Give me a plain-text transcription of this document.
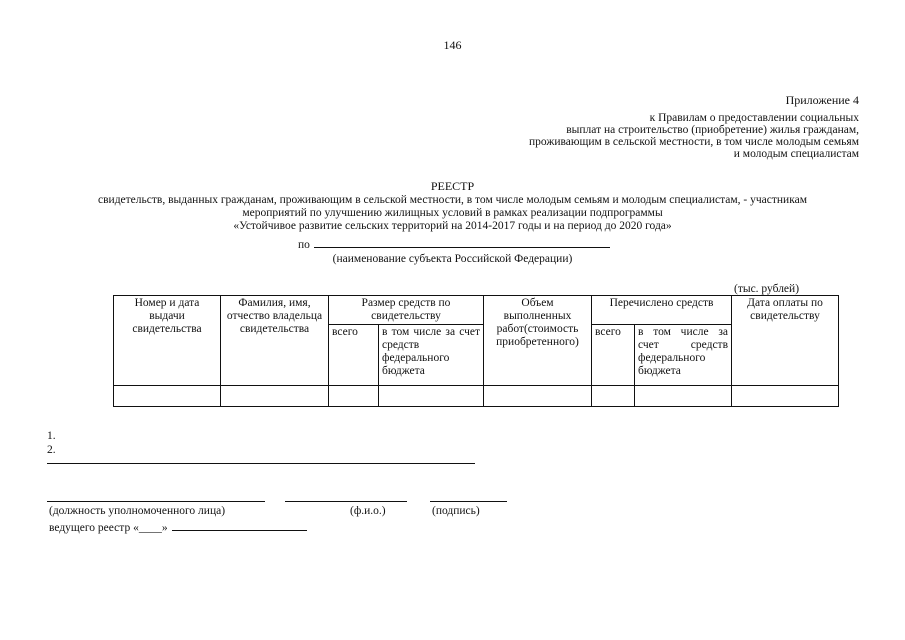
146
Приложение 4
к Правилам о предоставлении социальных
выплат на строительство (приобретение) жилья гражданам,
проживающим в сельской местности, в том числе молодым семьям
и молодым специалистам
РЕЕСТР
свидетельств, выданных гражданам, проживающим в сельской местности, в том числе молодым семьям и молодым специалистам, - участникам
мероприятий по улучшению жилищных условий в рамках реализации подпрограммы
«Устойчивое развитие сельских территорий на 2014-2017 годы и на период до 2020 года»
по
(наименование субъекта Российской Федерации)
(тыс. рублей)
Номер и дата выдачи свидетельства	Фамилия, имя, отчество владельца свидетельства	Размер средств по свидетельству		Объем выполненных работ(стоимость приобретенного)	Перечислено средств		Дата оплаты по свидетельству
		всего	в том числе за счет средств федерального бюджета		всего	в том числе за счет средств федерального бюджета	

1.
2.
(должность уполномоченного лица)	(ф.и.о.)	(подпись)
ведущего реестр «____»
